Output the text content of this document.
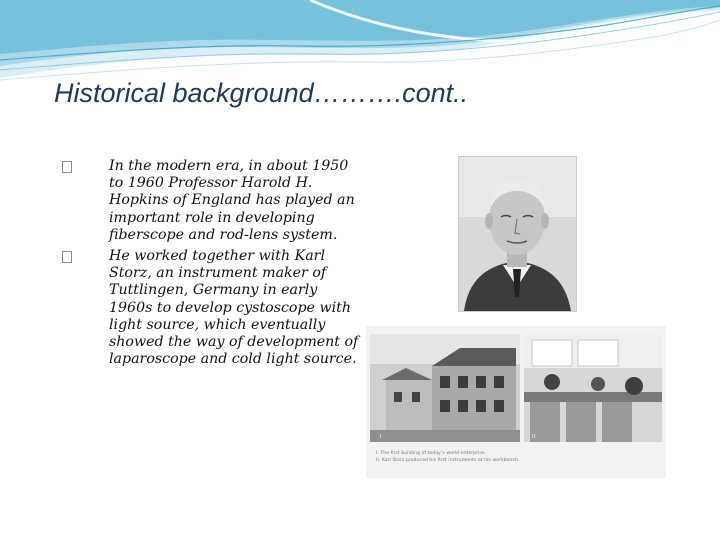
Historical background……….cont..
In the modern era, in about 1950 to 1960 Professor Harold H. Hopkins of England has played an important role in developing fiberscope and rod-lens system.
He worked together with Karl Storz, an instrument maker of Tuttlingen, Germany in early 1960s to develop cystoscope with light source, which eventually showed the way of development of laparoscope and cold light source.
I.	II.
I. The first building of today’s world enterprise.
II. Karl Storz produced his first instruments at his workbench.
